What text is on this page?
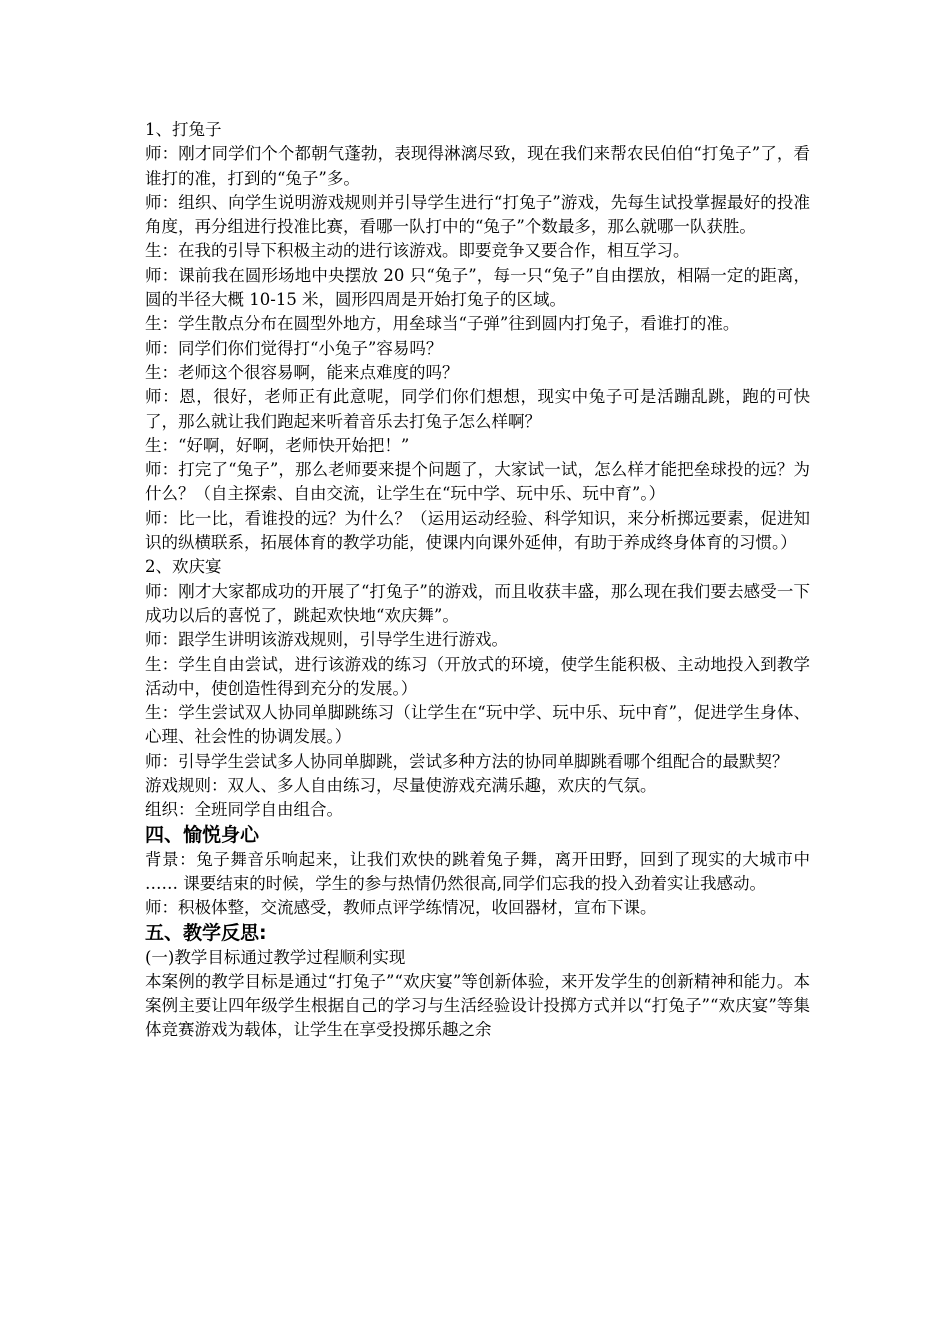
1、打兔子

师：刚才同学们个个都朝气蓬勃，表现得淋漓尽致，现在我们来帮农民伯伯“打兔子”了，看谁打的准，打到的“兔子”多。

师：组织、向学生说明游戏规则并引导学生进行“打兔子”游戏，先每生试投掌握最好的投准角度，再分组进行投准比赛，看哪一队打中的“兔子”个数最多，那么就哪一队获胜。

生：在我的引导下积极主动的进行该游戏。即要竞争又要合作，相互学习。

师：课前我在圆形场地中央摆放 20 只“兔子”，每一只“兔子”自由摆放，相隔一定的距离，圆的半径大概 10-15 米，圆形四周是开始打兔子的区域。

生：学生散点分布在圆型外地方，用垒球当“子弹”往到圆内打兔子，看谁打的准。

师：同学们你们觉得打“小兔子”容易吗？

生：老师这个很容易啊，能来点难度的吗？

师：恩，很好，老师正有此意呢，同学们你们想想，现实中兔子可是活蹦乱跳，跑的可快了，那么就让我们跑起来听着音乐去打兔子怎么样啊？

生：“好啊，好啊，老师快开始把！”

师：打完了“兔子”，那么老师要来提个问题了，大家试一试，怎么样才能把垒球投的远？为什么？（自主探索、自由交流，让学生在“玩中学、玩中乐、玩中育”。）

师：比一比，看谁投的远？为什么？（运用运动经验、科学知识，来分析掷远要素，促进知识的纵横联系，拓展体育的教学功能，使课内向课外延伸，有助于养成终身体育的习惯。）

2、欢庆宴

师：刚才大家都成功的开展了“打兔子”的游戏，而且收获丰盛，那么现在我们要去感受一下成功以后的喜悦了，跳起欢快地“欢庆舞”。

师：跟学生讲明该游戏规则，引导学生进行游戏。

生：学生自由尝试，进行该游戏的练习（开放式的环境，使学生能积极、主动地投入到教学活动中，使创造性得到充分的发展。）

生：学生尝试双人协同单脚跳练习（让学生在“玩中学、玩中乐、玩中育”，促进学生身体、心理、社会性的协调发展。）

师：引导学生尝试多人协同单脚跳，尝试多种方法的协同单脚跳看哪个组配合的最默契？

游戏规则：双人、多人自由练习，尽量使游戏充满乐趣，欢庆的气氛。

组织：全班同学自由组合。

四、愉悦身心

背景：兔子舞音乐响起来，让我们欢快的跳着兔子舞，离开田野，回到了现实的大城市中 …… 课要结束的时候，学生的参与热情仍然很高,同学们忘我的投入劲着实让我感动。

师：积极体整，交流感受，教师点评学练情况，收回器材，宣布下课。

五、教学反思:

(一)教学目标通过教学过程顺利实现

本案例的教学目标是通过“打兔子”“欢庆宴”等创新体验，来开发学生的创新精神和能力。本案例主要让四年级学生根据自己的学习与生活经验设计投掷方式并以“打兔子”“欢庆宴”等集体竞赛游戏为载体，让学生在享受投掷乐趣之余
